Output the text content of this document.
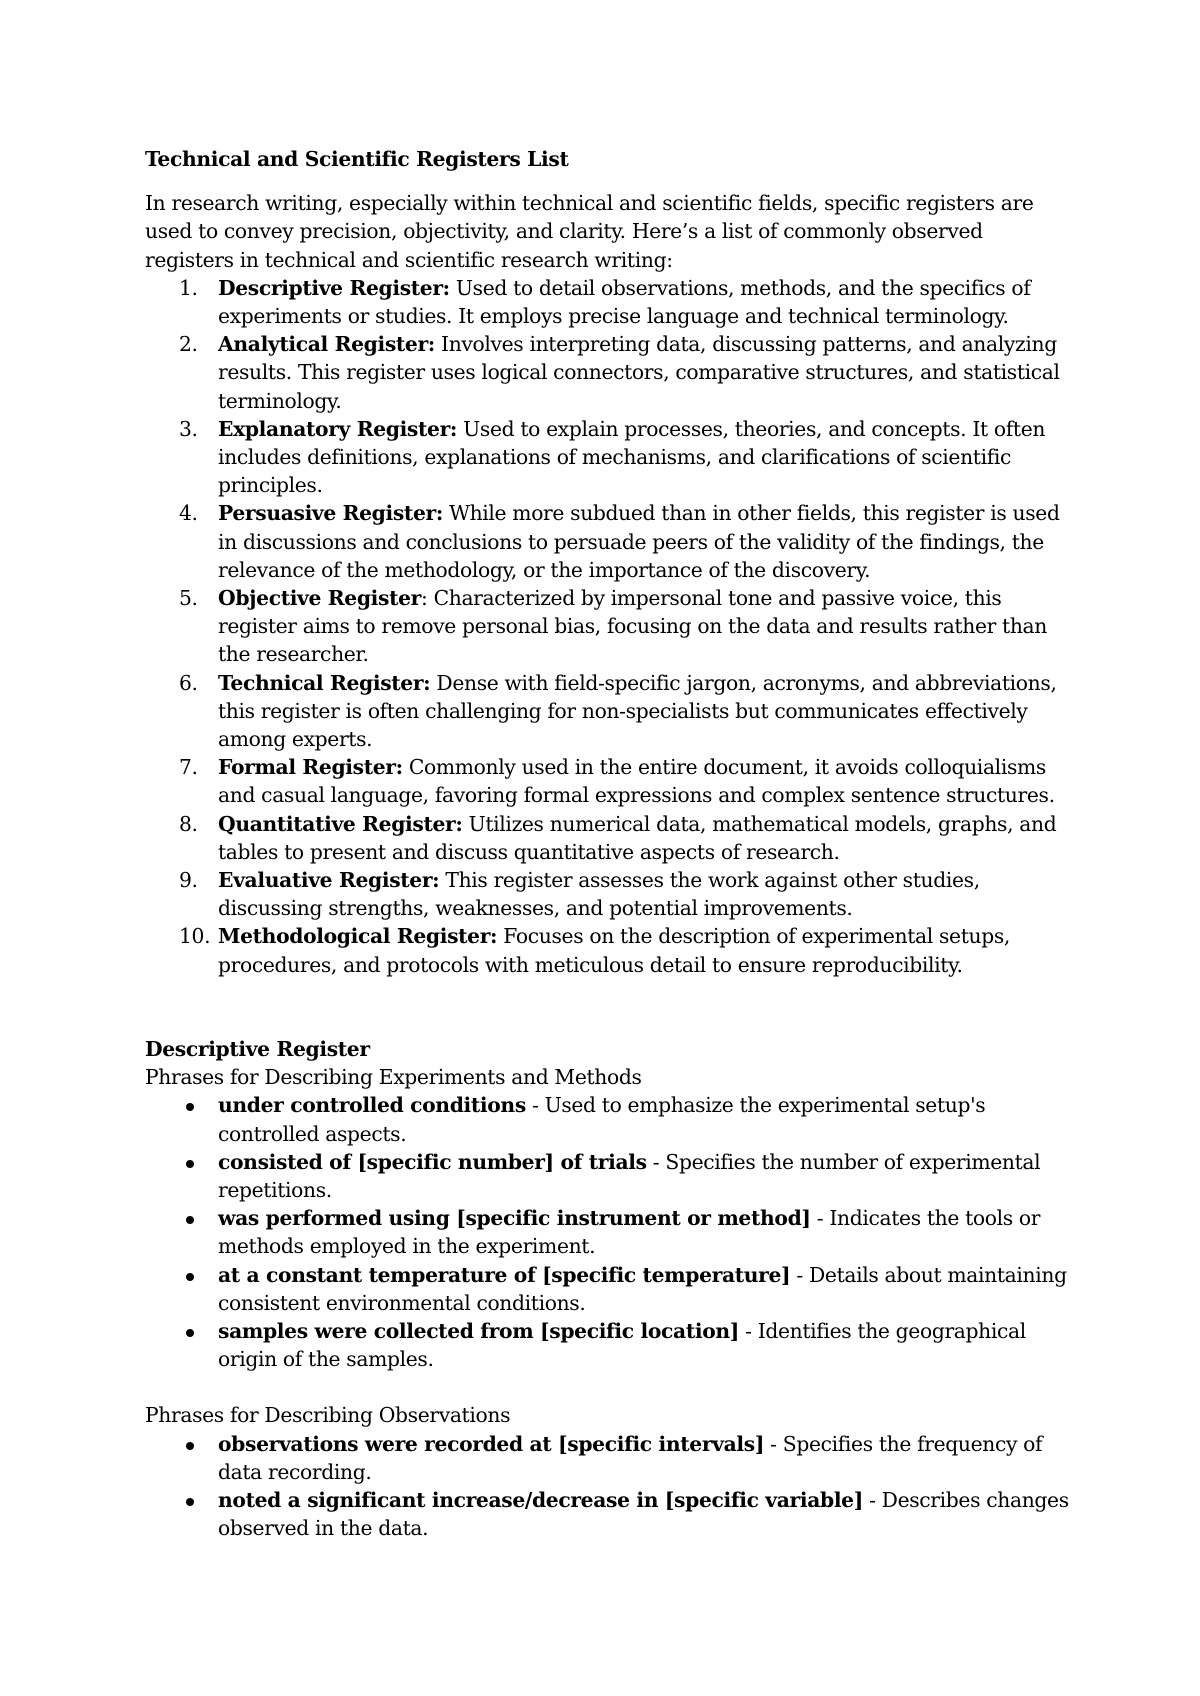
Technical and Scientific Registers List

In research writing, especially within technical and scientific fields, specific registers are used to convey precision, objectivity, and clarity. Here’s a list of commonly observed registers in technical and scientific research writing:

1.	Descriptive Register: Used to detail observations, methods, and the specifics of experiments or studies. It employs precise language and technical terminology.
2.	Analytical Register: Involves interpreting data, discussing patterns, and analyzing results. This register uses logical connectors, comparative structures, and statistical terminology.
3.	Explanatory Register: Used to explain processes, theories, and concepts. It often includes definitions, explanations of mechanisms, and clarifications of scientific principles.
4.	Persuasive Register: While more subdued than in other fields, this register is used in discussions and conclusions to persuade peers of the validity of the findings, the relevance of the methodology, or the importance of the discovery.
5.	Objective Register: Characterized by impersonal tone and passive voice, this register aims to remove personal bias, focusing on the data and results rather than the researcher.
6.	Technical Register: Dense with field-specific jargon, acronyms, and abbreviations, this register is often challenging for non-specialists but communicates effectively among experts.
7.	Formal Register: Commonly used in the entire document, it avoids colloquialisms and casual language, favoring formal expressions and complex sentence structures.
8.	Quantitative Register: Utilizes numerical data, mathematical models, graphs, and tables to present and discuss quantitative aspects of research.
9.	Evaluative Register: This register assesses the work against other studies, discussing strengths, weaknesses, and potential improvements.
10. Methodological Register: Focuses on the description of experimental setups, procedures, and protocols with meticulous detail to ensure reproducibility.

Descriptive Register

Phrases for Describing Experiments and Methods

under controlled conditions - Used to emphasize the experimental setup's controlled aspects.
consisted of [specific number] of trials - Specifies the number of experimental repetitions.
was performed using [specific instrument or method] - Indicates the tools or methods employed in the experiment.
at a constant temperature of [specific temperature] - Details about maintaining consistent environmental conditions.
samples were collected from [specific location] - Identifies the geographical origin of the samples.

Phrases for Describing Observations

observations were recorded at [specific intervals] - Specifies the frequency of data recording.
noted a significant increase/decrease in [specific variable] - Describes changes observed in the data.
